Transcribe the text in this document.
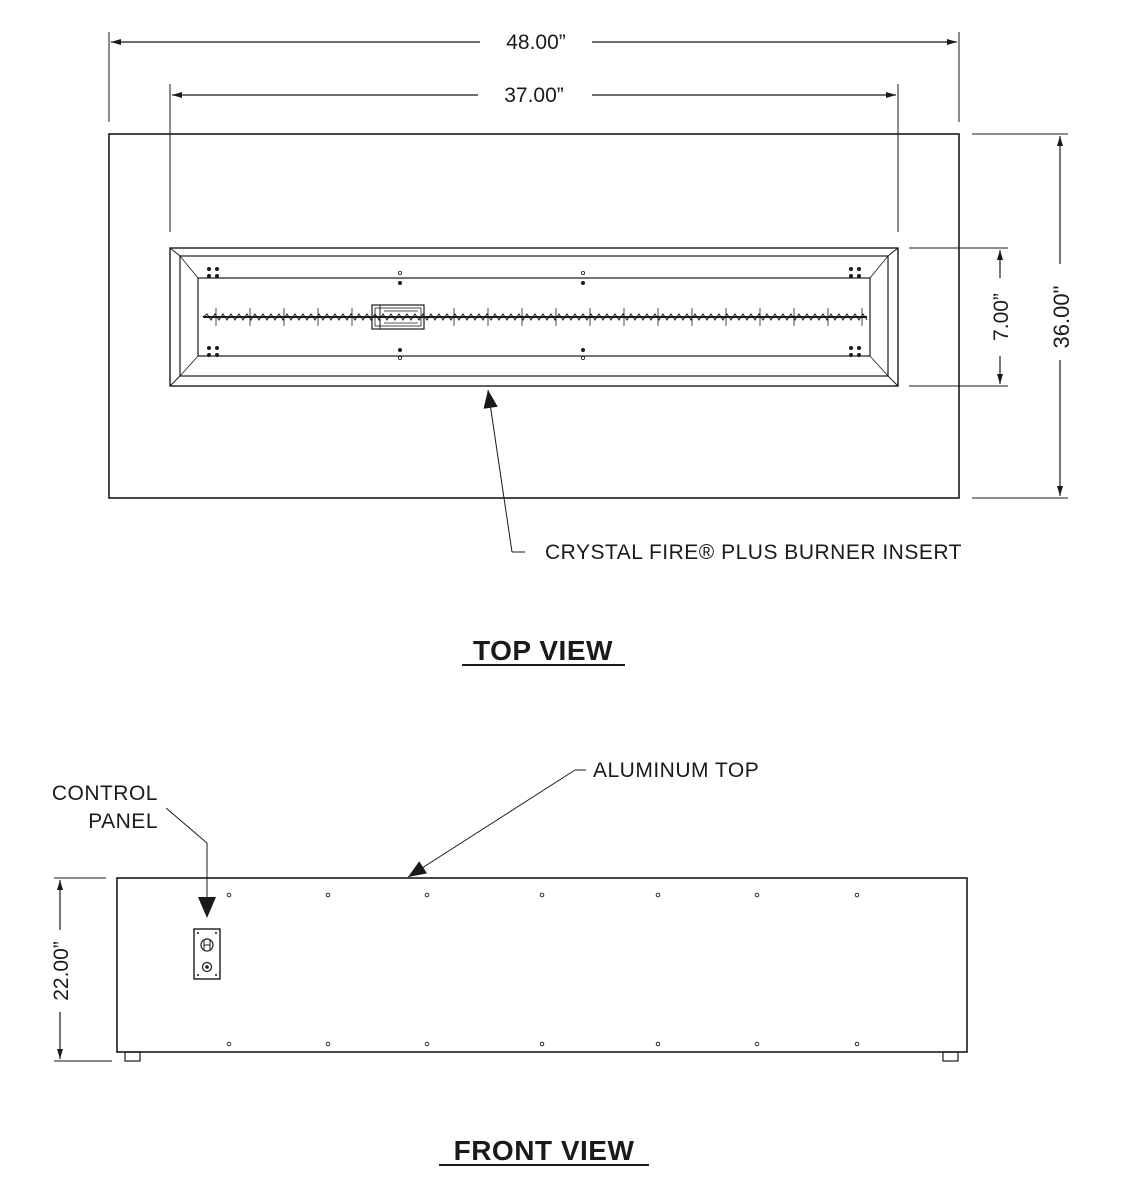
48.00”
37.00”
7.00” 36.00"
CRYSTAL FIRE® PLUS BURNER INSERT
TOP VIEW
ALUMINUM TOP
CONTROL
PANEL
22.00”
FRONT VIEW
